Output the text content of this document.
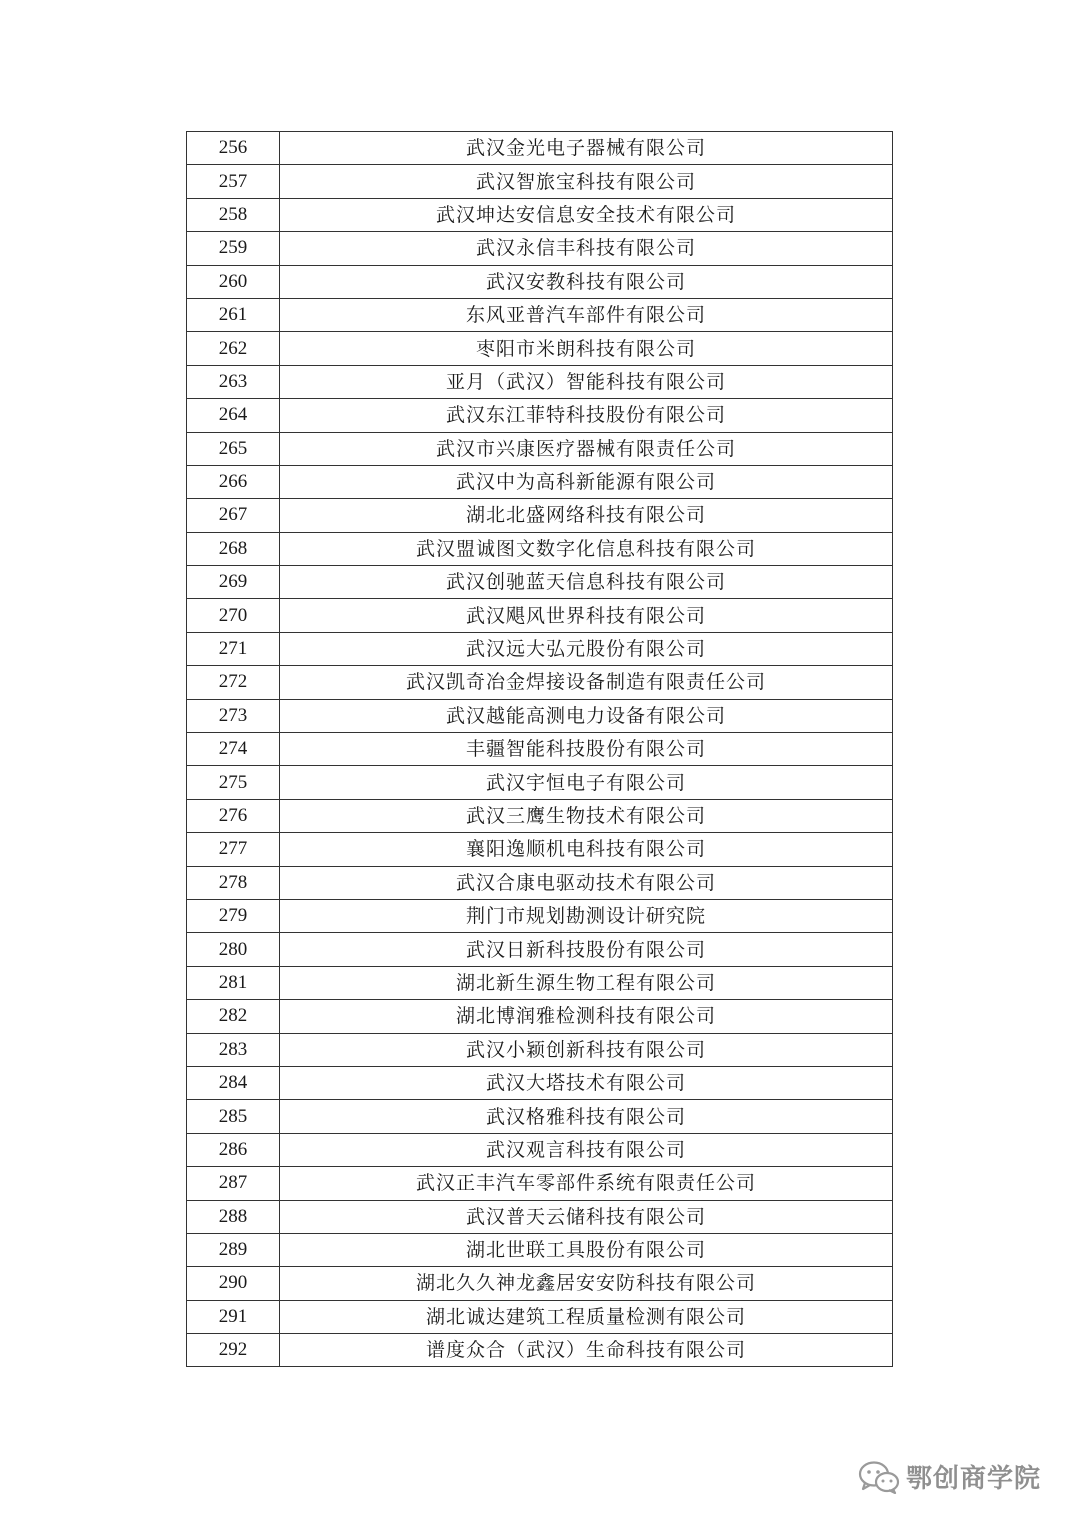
256	武汉金光电子器械有限公司
257	武汉智旅宝科技有限公司
258	武汉坤达安信息安全技术有限公司
259	武汉永信丰科技有限公司
260	武汉安教科技有限公司
261	东风亚普汽车部件有限公司
262	枣阳市米朗科技有限公司
263	亚月（武汉）智能科技有限公司
264	武汉东江菲特科技股份有限公司
265	武汉市兴康医疗器械有限责任公司
266	武汉中为高科新能源有限公司
267	湖北北盛网络科技有限公司
268	武汉盟诚图文数字化信息科技有限公司
269	武汉创驰蓝天信息科技有限公司
270	武汉飓风世界科技有限公司
271	武汉远大弘元股份有限公司
272	武汉凯奇冶金焊接设备制造有限责任公司
273	武汉越能高测电力设备有限公司
274	丰疆智能科技股份有限公司
275	武汉宇恒电子有限公司
276	武汉三鹰生物技术有限公司
277	襄阳逸顺机电科技有限公司
278	武汉合康电驱动技术有限公司
279	荆门市规划勘测设计研究院
280	武汉日新科技股份有限公司
281	湖北新生源生物工程有限公司
282	湖北博润雅检测科技有限公司
283	武汉小颖创新科技有限公司
284	武汉大塔技术有限公司
285	武汉格雅科技有限公司
286	武汉观言科技有限公司
287	武汉正丰汽车零部件系统有限责任公司
288	武汉普天云储科技有限公司
289	湖北世联工具股份有限公司
290	湖北久久神龙鑫居安安防科技有限公司
291	湖北诚达建筑工程质量检测有限公司
292	谱度众合（武汉）生命科技有限公司
鄂创商学院
